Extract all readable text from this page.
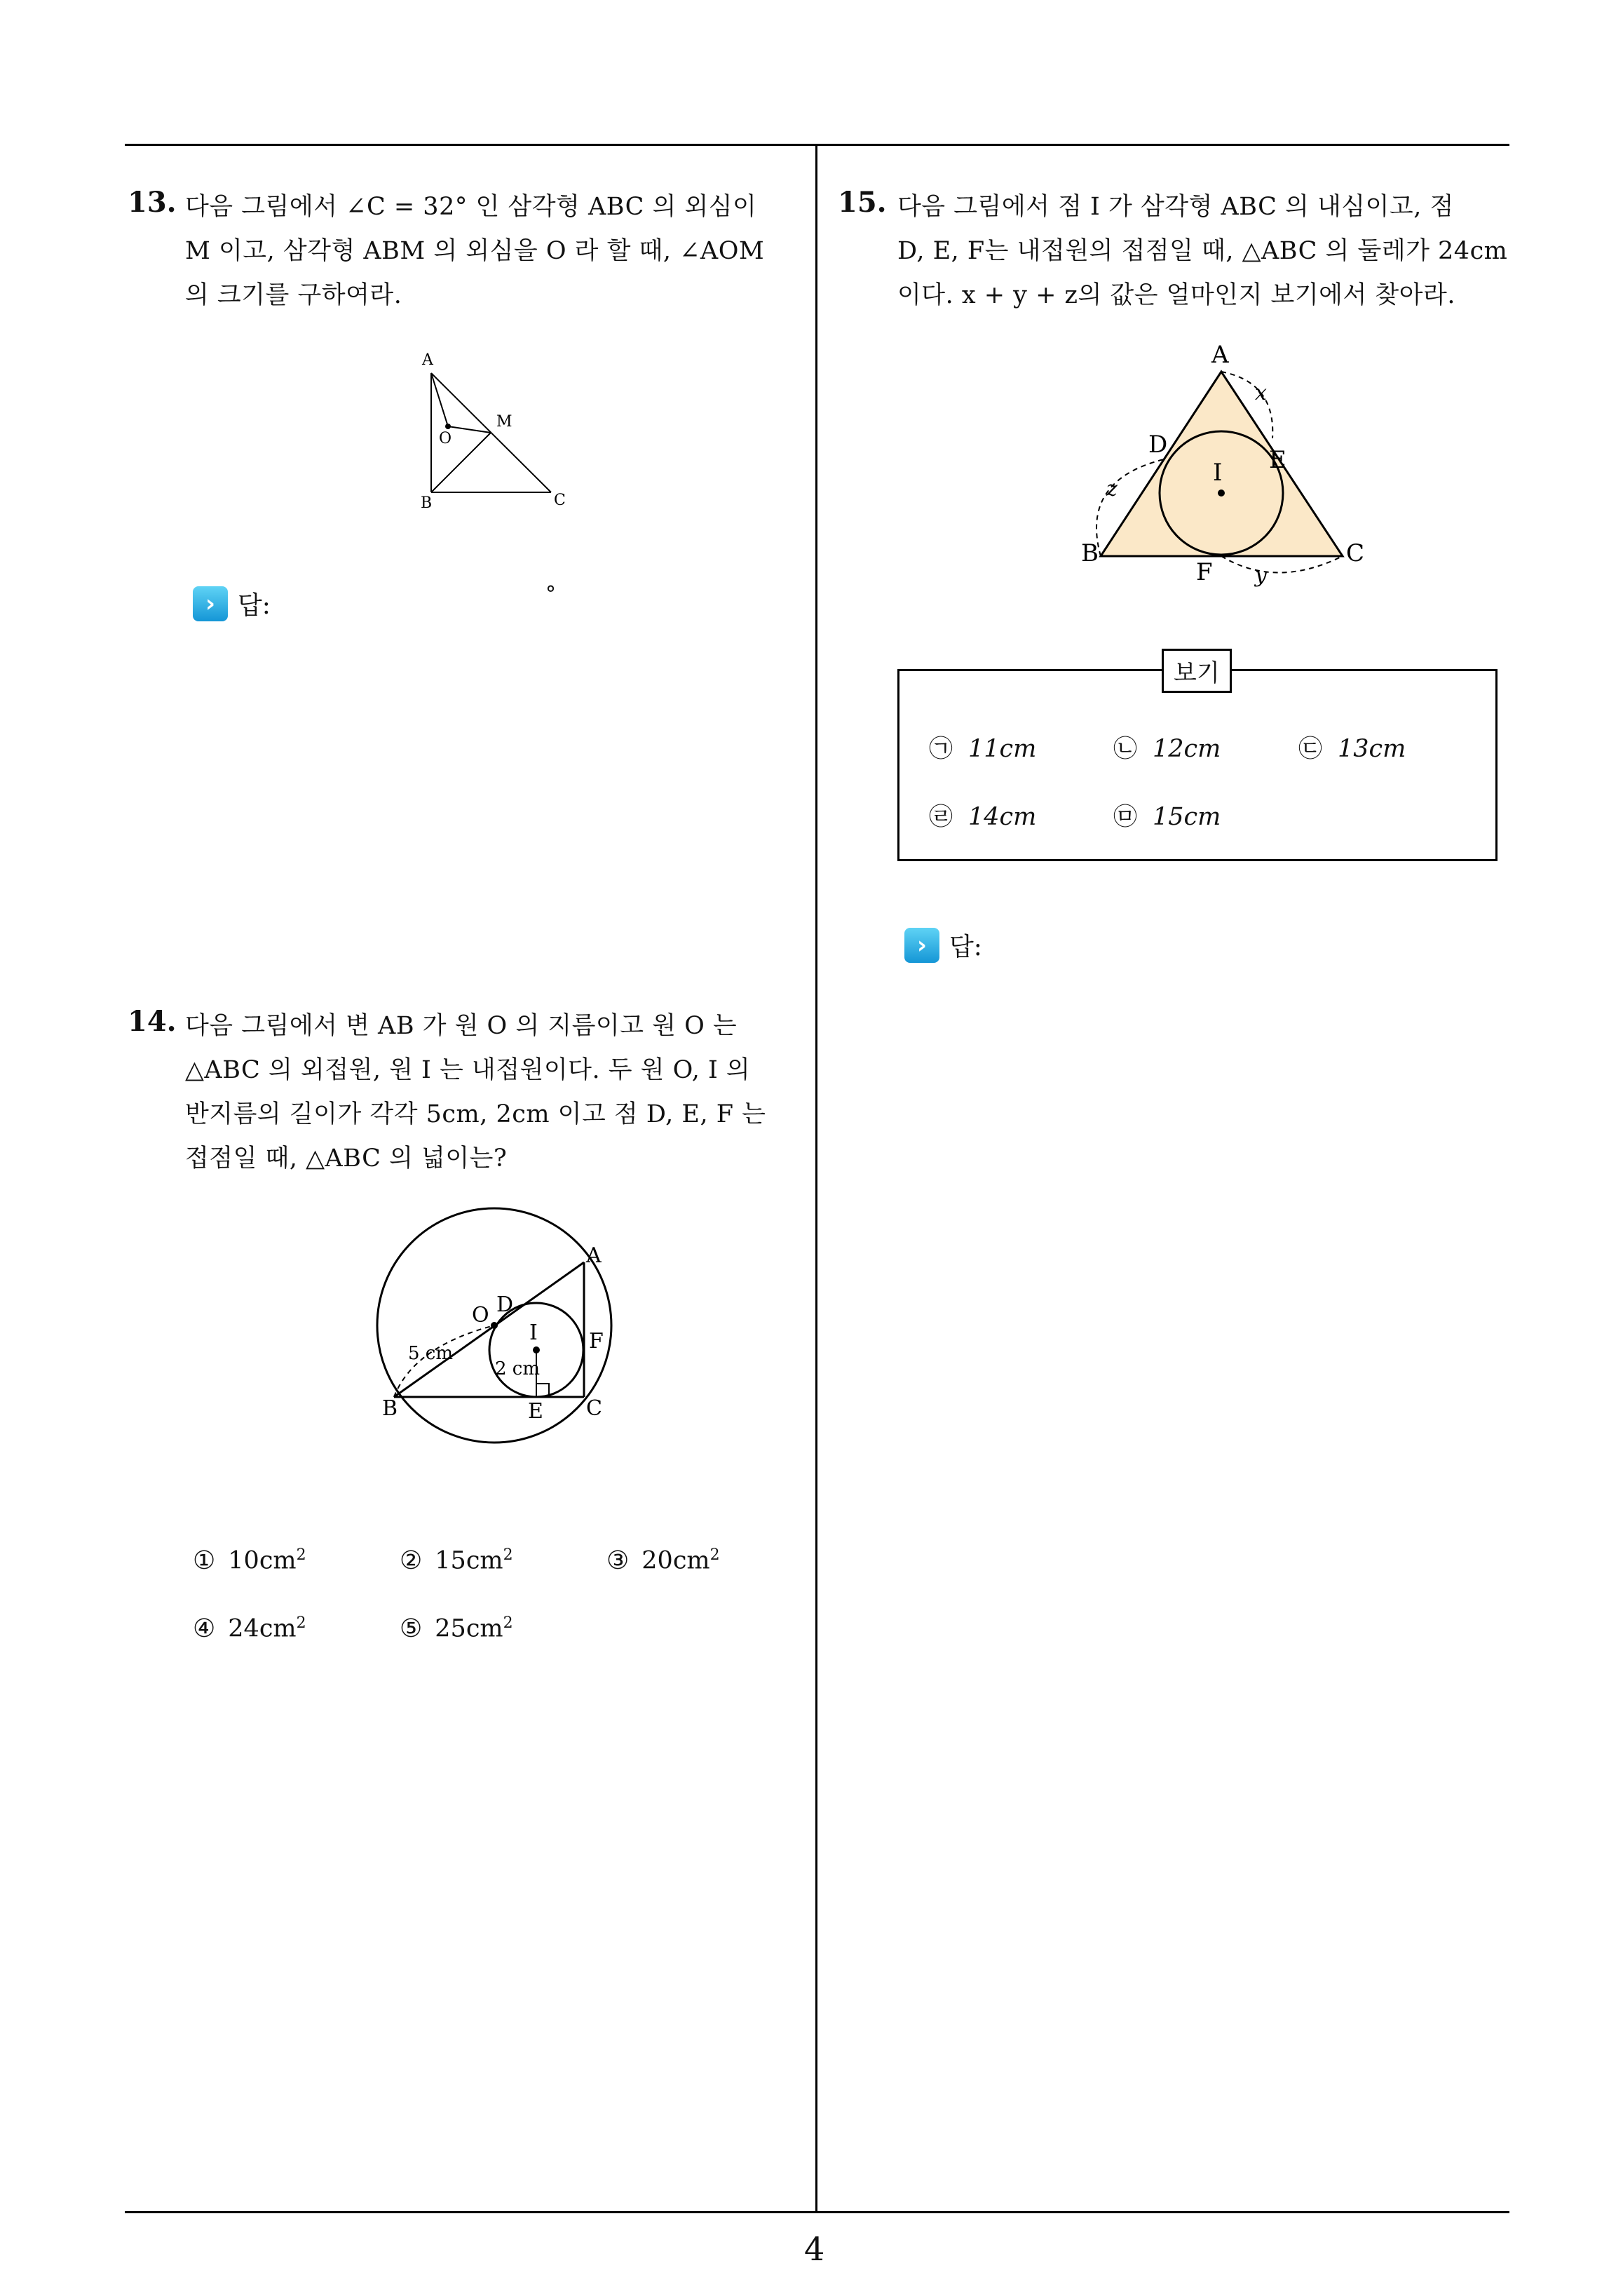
13. 다음 그림에서 ∠C = 32° 인 삼각형 ABC 의 외심이
M 이고, 삼각형 ABM 의 외심을 O 라 할 때, ∠AOM
의 크기를 구하여라.
A
O
M
B	C
› 답:	°
14. 다음 그림에서 변 AB 가 원 O 의 지름이고 원 O 는
△ABC 의 외접원, 원 I 는 내접원이다. 두 원 O, I 의
반지름의 길이가 각각 5cm, 2cm 이고 점 D, E, F 는
접점일 때, △ABC 의 넓이는?
A
O D
I F
B	E C
5 cm
2 cm
① $10cm^2$	② $15cm^2$	③ $20cm^2$
④ $24cm^2$	⑤ $25cm^2$
15. 다음 그림에서 점 I 가 삼각형 ABC 의 내심이고, 점
D, E, F는 내접원의 접점일 때, △ABC 의 둘레가 24cm
이다. x + y + z의 값은 얼마인지 보기에서 찾아라.
A
x
D
E
I
z
B
F y
C
보기
㉠ 11cm	㉡ 12cm	㉢ 13cm
㉣ 14cm	㉤ 15cm
› 답:
4
